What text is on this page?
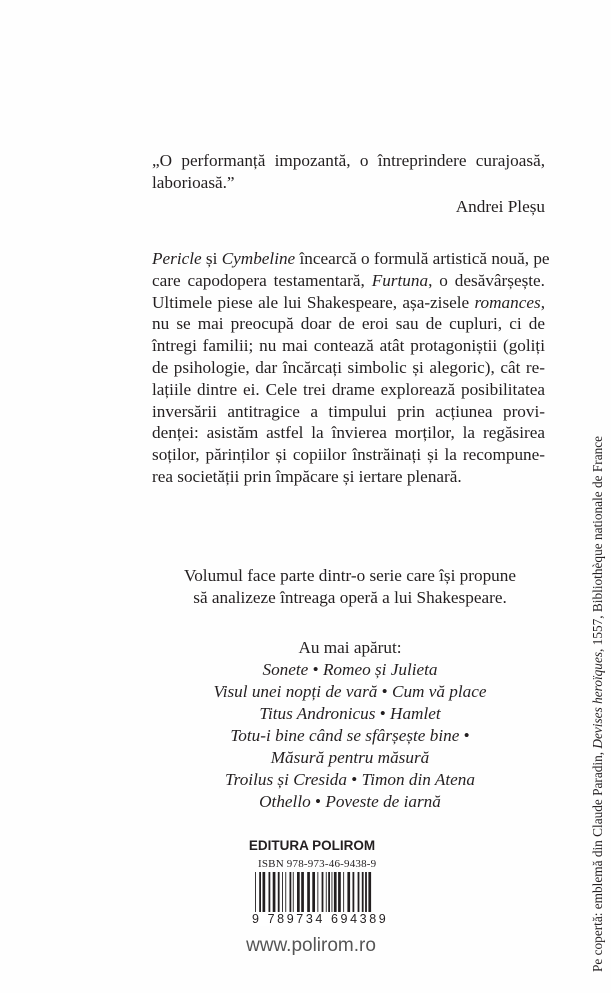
„O performanță impozantă, o întreprindere curajoasă,
laborioasă.”
Andrei Pleșu
Pericle și Cymbeline încearcă o formulă artistică nouă, pe
care capodopera testamentară, Furtuna, o desăvârșește.
Ultimele piese ale lui Shakespeare, așa-zisele romances,
nu se mai preocupă doar de eroi sau de cupluri, ci de
întregi familii; nu mai contează atât protagoniștii (goliți
de psihologie, dar încărcați simbolic și alegoric), cât re-
lațiile dintre ei. Cele trei drame explorează posibilitatea
inversării antitragice a timpului prin acțiunea provi-
denței: asistăm astfel la învierea morților, la regăsirea
soților, părinților și copiilor înstrăinați și la recompune-
rea societății prin împăcare și iertare plenară.
Volumul face parte dintr-o serie care își propune
să analizeze întreaga operă a lui Shakespeare.
Au mai apărut:
Sonete • Romeo și Julieta
Visul unei nopți de vară • Cum vă place
Titus Andronicus • Hamlet
Totu-i bine când se sfârșește bine •
Măsură pentru măsură
Troilus și Cresida • Timon din Atena
Othello • Poveste de iarnă
EDITURA POLIROM
ISBN 978-973-46-9438-9
9 789734 694389
www.polirom.ro	Pe copertă: emblemă din Claude Paradin, Devises heroïques, 1557, Bibliothèque nationale de France
